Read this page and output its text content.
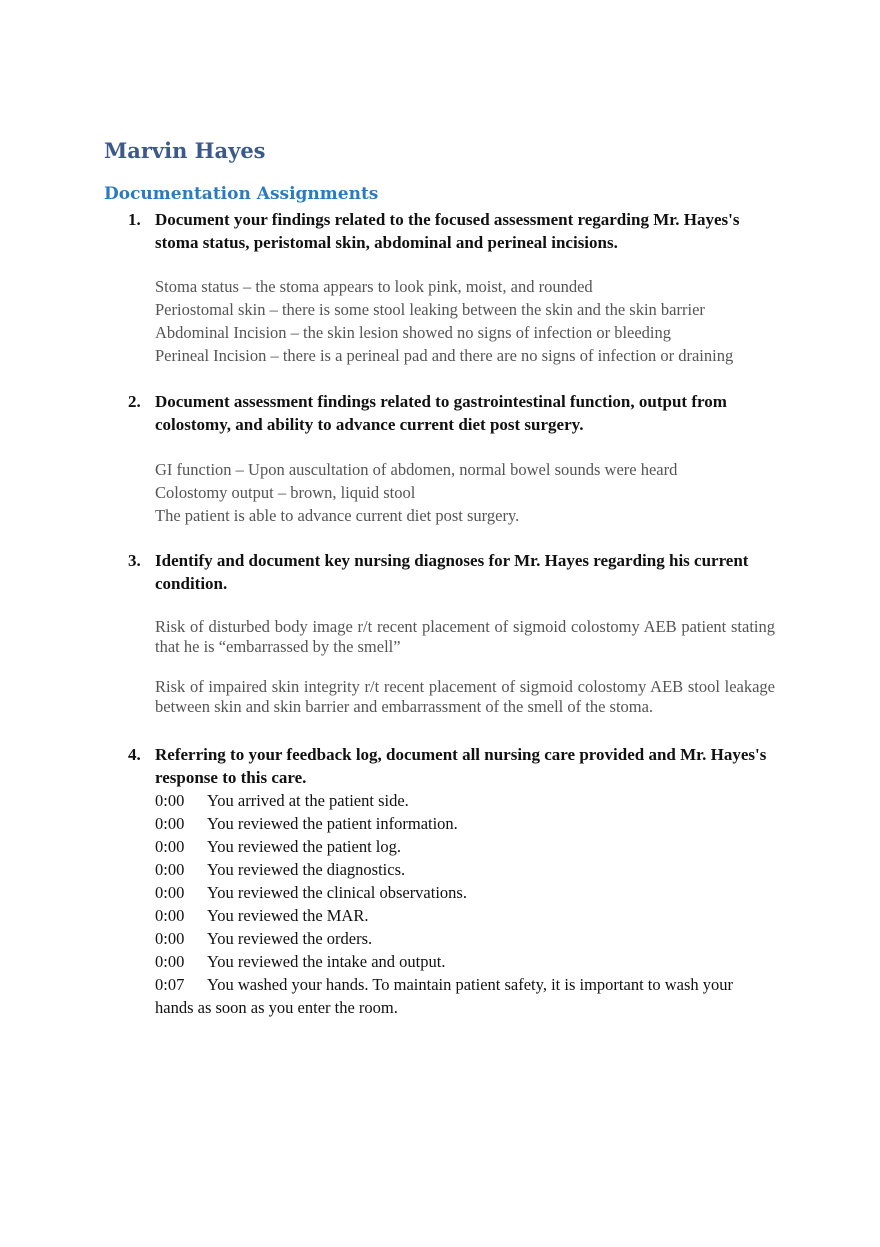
Marvin Hayes
Documentation Assignments
1. Document your findings related to the focused assessment regarding Mr. Hayes's stoma status, peristomal skin, abdominal and perineal incisions.
Stoma status – the stoma appears to look pink, moist, and rounded
Periostomal skin – there is some stool leaking between the skin and the skin barrier
Abdominal Incision – the skin lesion showed no signs of infection or bleeding
Perineal Incision – there is a perineal pad and there are no signs of infection or draining
2. Document assessment findings related to gastrointestinal function, output from colostomy, and ability to advance current diet post surgery.
GI function – Upon auscultation of abdomen, normal bowel sounds were heard
Colostomy output – brown, liquid stool
The patient is able to advance current diet post surgery.
3. Identify and document key nursing diagnoses for Mr. Hayes regarding his current condition.
Risk of disturbed body image r/t recent placement of sigmoid colostomy AEB patient stating that he is “embarrassed by the smell”
Risk of impaired skin integrity r/t recent placement of sigmoid colostomy AEB stool leakage between skin and skin barrier and embarrassment of the smell of the stoma.
4. Referring to your feedback log, document all nursing care provided and Mr. Hayes's response to this care.
0:00 You arrived at the patient side.
0:00 You reviewed the patient information.
0:00 You reviewed the patient log.
0:00 You reviewed the diagnostics.
0:00 You reviewed the clinical observations.
0:00 You reviewed the MAR.
0:00 You reviewed the orders.
0:00 You reviewed the intake and output.
0:07 You washed your hands. To maintain patient safety, it is important to wash your
hands as soon as you enter the room.
